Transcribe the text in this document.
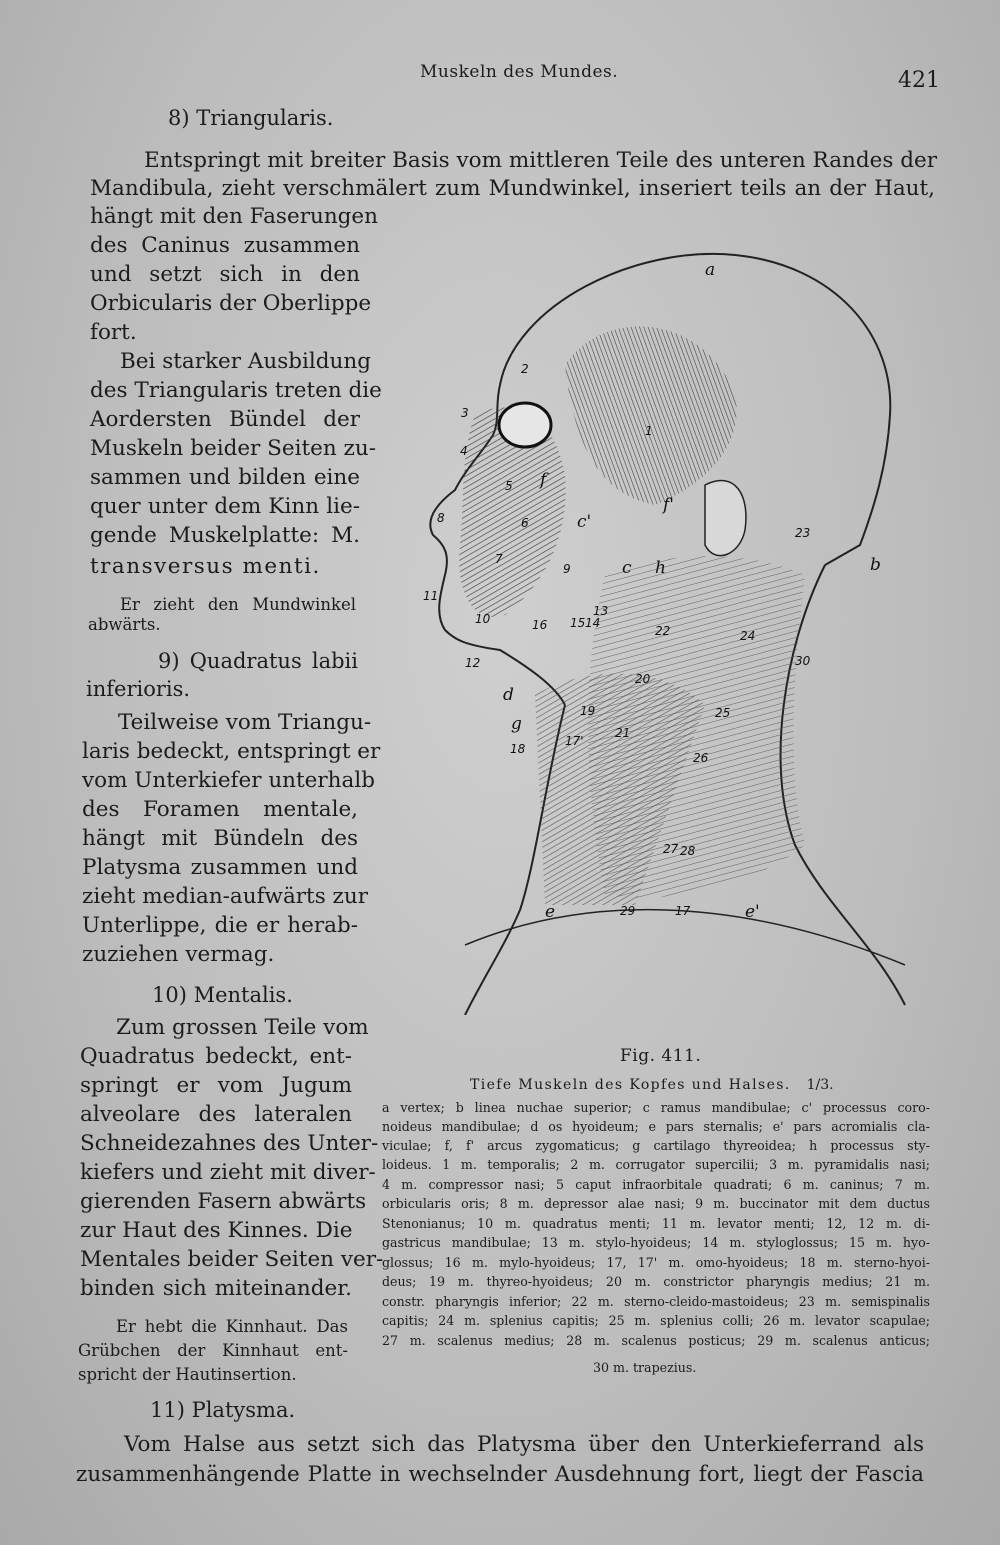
Muskeln des Mundes.	421
8) Triangularis.
Entspringt mit breiter Basis vom mittleren Teile des unteren Randes der
Mandibula, zieht verschmälert zum Mundwinkel, inseriert teils an der Haut,
hängt mit den Faserungen
des Caninus zusammen
und setzt sich in den
Orbicularis der Oberlippe
fort.
Bei starker Ausbildung
des Triangularis treten die
Aordersten Bündel der
Muskeln beider Seiten zu-
sammen und bilden eine
quer unter dem Kinn lie-
gende Muskelplatte: M.
transversus menti.
Er zieht den Mundwinkel
abwärts.
9) Quadratus labii
inferioris.
Teilweise vom Triangu-
laris bedeckt, entspringt er
vom Unterkiefer unterhalb
des Foramen mentale,
hängt mit Bündeln des
Platysma zusammen und
zieht median-aufwärts zur
Unterlippe, die er herab-
zuziehen vermag.
10) Mentalis.
Zum grossen Teile vom
Quadratus bedeckt, ent-
springt er vom Jugum
alveolare des lateralen
Schneidezahnes des Unter-
kiefers und zieht mit diver-
gierenden Fasern abwärts
zur Haut des Kinnes. Die
Mentales beider Seiten ver-
binden sich miteinander.
Er hebt die Kinnhaut. Das
Grübchen der Kinnhaut ent-
spricht der Hautinsertion.
11) Platysma.
Vom Halse aus setzt sich das Platysma über den Unterkieferrand als
zusammenhängende Platte in wechselnder Ausdehnung fort, liegt der Fascia
a
b
c
c'
d
e	e'
f
f'
g
h
1
2
3
4
5
6
7
8
9
10
11
12
13
14
15
16
17
17'
18
19
20
21
22
23
24
25
26
27 28
29
30
Fig. 411.
Tiefe Muskeln des Kopfes und Halses. 1/3.
a vertex; b linea nuchae superior; c ramus mandibulae; c' processus coro-
noideus mandibulae; d os hyoideum; e pars sternalis; e' pars acromialis cla-
viculae; f, f' arcus zygomaticus; g cartilago thyreoidea; h processus sty-
loideus. 1 m. temporalis; 2 m. corrugator supercilii; 3 m. pyramidalis nasi;
4 m. compressor nasi; 5 caput infraorbitale quadrati; 6 m. caninus; 7 m.
orbicularis oris; 8 m. depressor alae nasi; 9 m. buccinator mit dem ductus
Stenonianus; 10 m. quadratus menti; 11 m. levator menti; 12, 12 m. di-
gastricus mandibulae; 13 m. stylo-hyoideus; 14 m. styloglossus; 15 m. hyo-
glossus; 16 m. mylo-hyoideus; 17, 17' m. omo-hyoideus; 18 m. sterno-hyoi-
deus; 19 m. thyreo-hyoideus; 20 m. constrictor pharyngis medius; 21 m.
constr. pharyngis inferior; 22 m. sterno-cleido-mastoideus; 23 m. semispinalis
capitis; 24 m. splenius capitis; 25 m. splenius colli; 26 m. levator scapulae;
27 m. scalenus medius; 28 m. scalenus posticus; 29 m. scalenus anticus;
30 m. trapezius.
